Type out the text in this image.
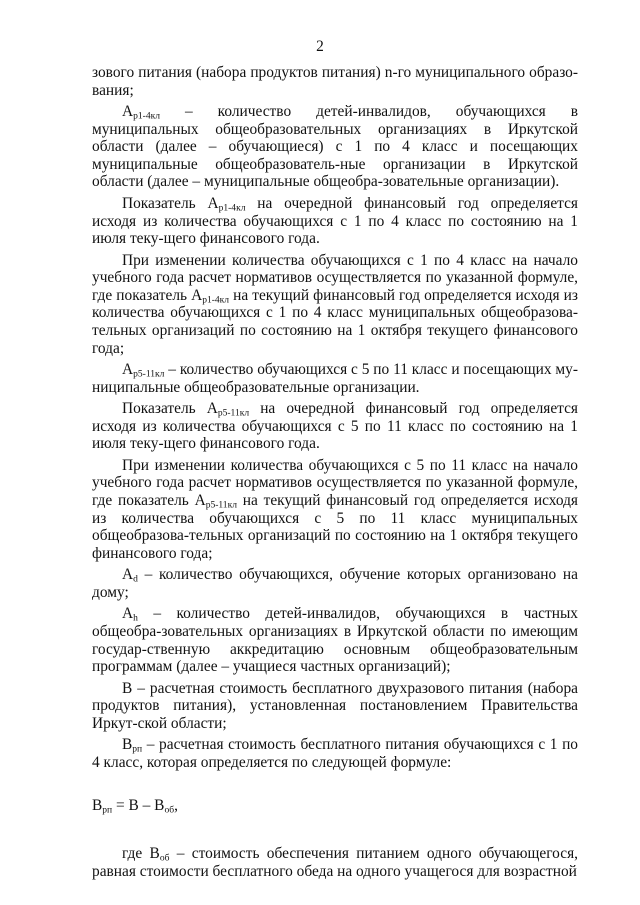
2

зового питания (набора продуктов питания) n-го муниципального образо-вания;

$A_{р1-4кл}$ – количество детей-инвалидов, обучающихся в муниципальных общеобразовательных организациях в Иркутской области (далее – обучающиеся) с 1 по 4 класс и посещающих муниципальные общеобразователь-ные организации в Иркутской области (далее – муниципальные общеобра-зовательные организации).

Показатель $A_{р1-4кл}$ на очередной финансовый год определяется исходя из количества обучающихся с 1 по 4 класс по состоянию на 1 июля теку-щего финансового года.

При изменении количества обучающихся с 1 по 4 класс на начало учебного года расчет нормативов осуществляется по указанной формуле, где показатель $A_{р1-4кл}$ на текущий финансовый год определяется исходя из количества обучающихся с 1 по 4 класс муниципальных общеобразова-тельных организаций по состоянию на 1 октября текущего финансового года;

$A_{р5-11кл}$ – количество обучающихся с 5 по 11 класс и посещающих му-ниципальные общеобразовательные организации.

Показатель $A_{р5-11кл}$ на очередной финансовый год определяется исходя из количества обучающихся с 5 по 11 класс по состоянию на 1 июля теку-щего финансового года.

При изменении количества обучающихся с 5 по 11 класс на начало учебного года расчет нормативов осуществляется по указанной формуле, где показатель $A_{р5-11кл}$ на текущий финансовый год определяется исходя из количества обучающихся с 5 по 11 класс муниципальных общеобразова-тельных организаций по состоянию на 1 октября текущего финансового года;

$A_d$ – количество обучающихся, обучение которых организовано на дому;

$A_h$ – количество детей-инвалидов, обучающихся в частных общеобра-зовательных организациях в Иркутской области по имеющим государ-ственную аккредитацию основным общеобразовательным программам (далее – учащиеся частных организаций);

B – расчетная стоимость бесплатного двухразового питания (набора продуктов питания), установленная постановлением Правительства Иркут-ской области;

$B_{рп}$ – расчетная стоимость бесплатного питания обучающихся с 1 по 4 класс, которая определяется по следующей формуле:

$B_{рп} = B - B_{об}$,

где $B_{об}$ – стоимость обеспечения питанием одного обучающегося, равная стоимости бесплатного обеда на одного учащегося для возрастной
